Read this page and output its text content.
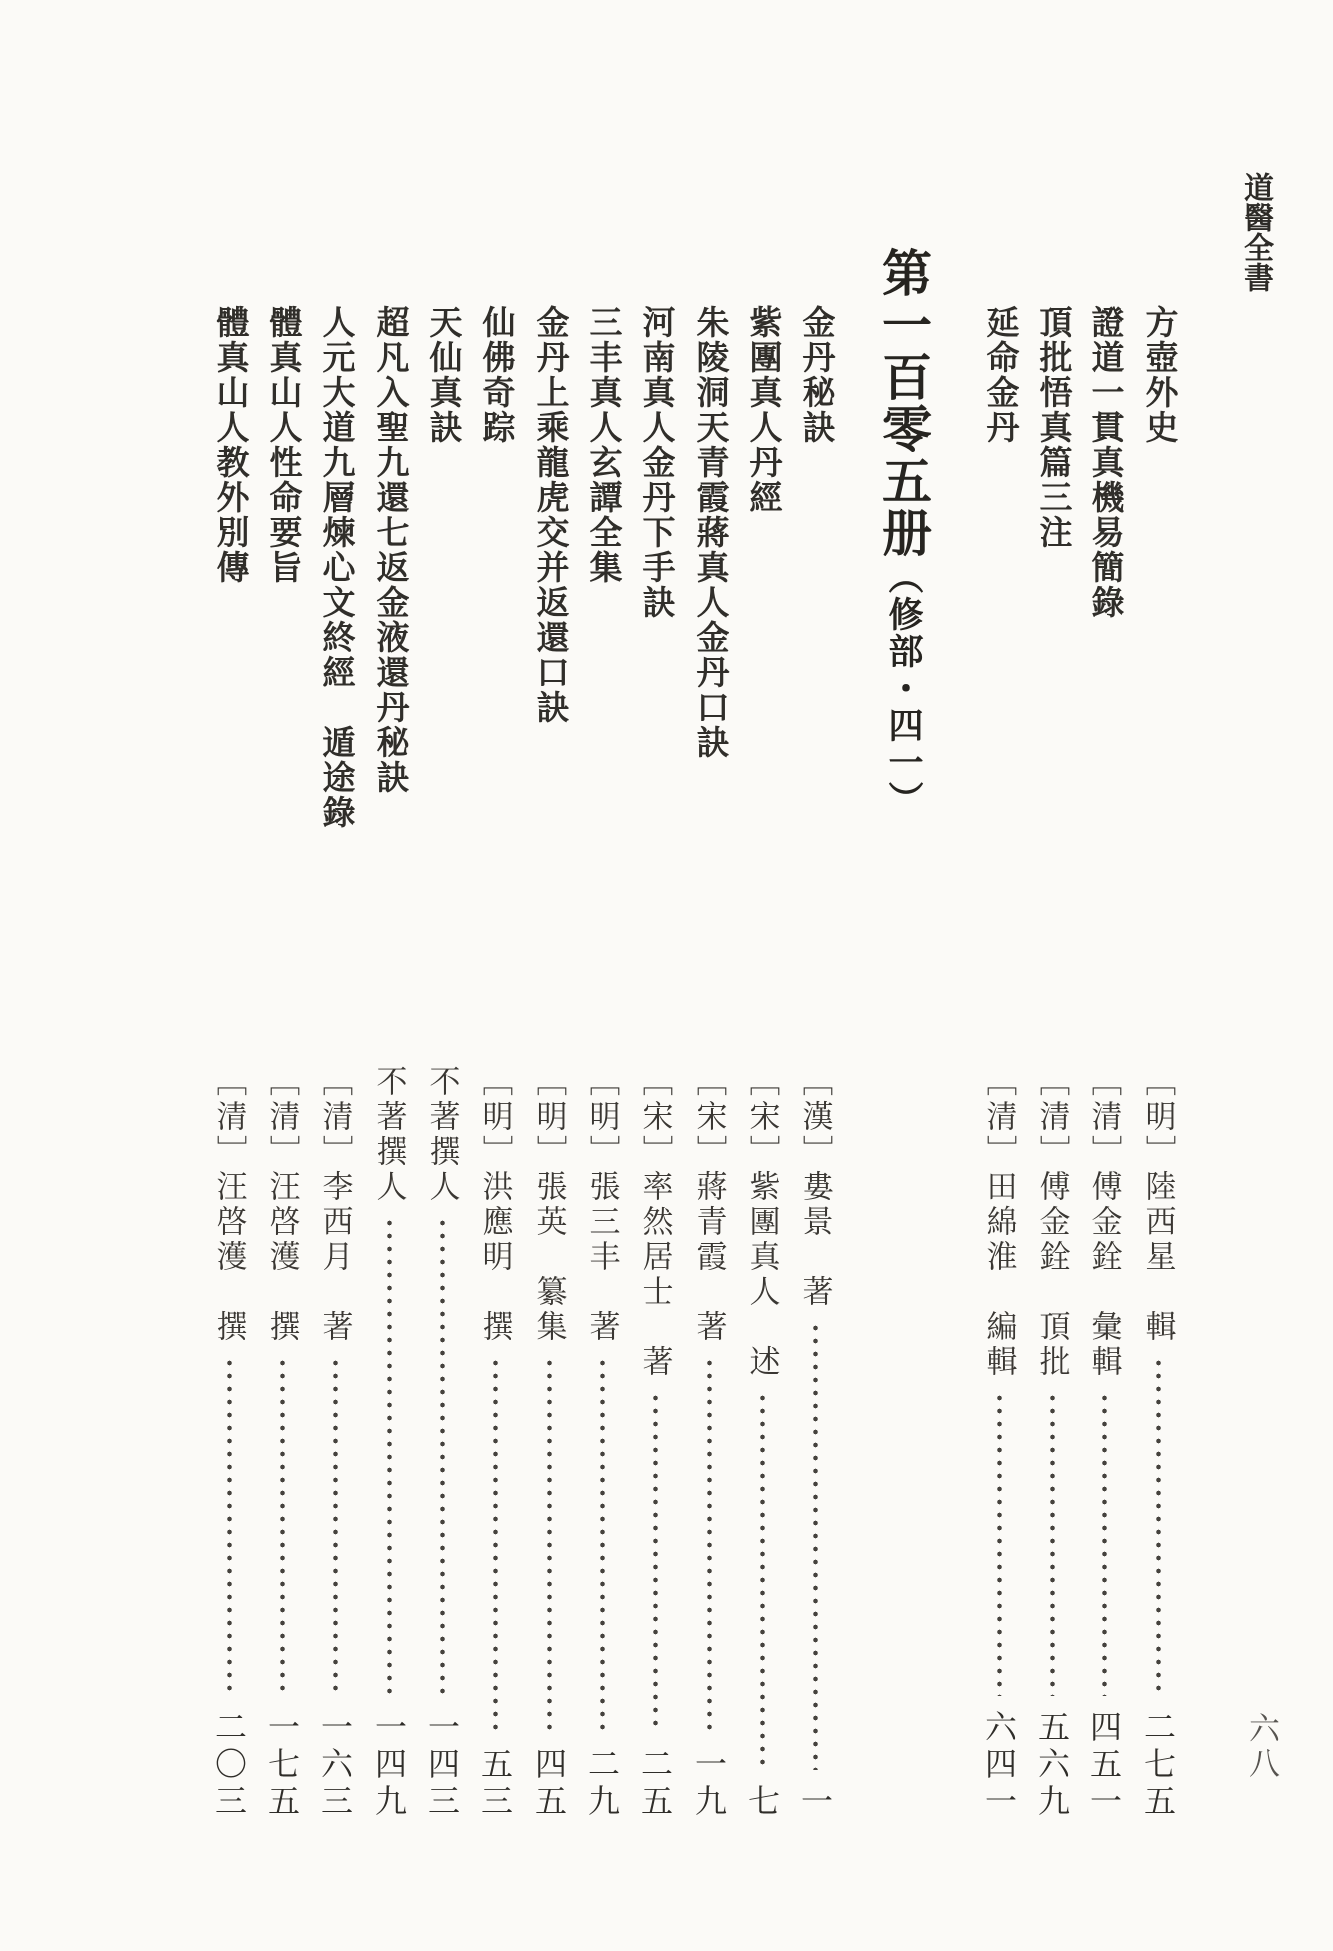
道醫全書
方壺外史
［明］陸西星　輯
二七五
證道一貫真機易簡錄
［清］傅金銓　彙輯
四五一
頂批悟真篇三注
［清］傅金銓　頂批
五六九
延命金丹
［清］田綿淮　編輯
六四一
第一百零五册（修部・四一）
金丹秘訣
［漢］婁景　著
一
紫團真人丹經
［宋］紫團真人　述
七
朱陵洞天青霞蔣真人金丹口訣
［宋］蔣青霞　著
一九
河南真人金丹下手訣
［宋］率然居士　著
二五
三丰真人玄譚全集
［明］張三丰　著
二九
金丹上乘龍虎交并返還口訣
［明］張英　纂集
四五
仙佛奇踪
［明］洪應明　撰
五三
天仙真訣
不著撰人
一四三
超凡入聖九還七返金液還丹秘訣
不著撰人
一四九
人元大道九層煉心文終經　遁途錄
［清］李西月　著
一六三
體真山人性命要旨
［清］汪啓濩　撰
一七五
體真山人教外別傳
［清］汪啓濩　撰
二〇三	六八
